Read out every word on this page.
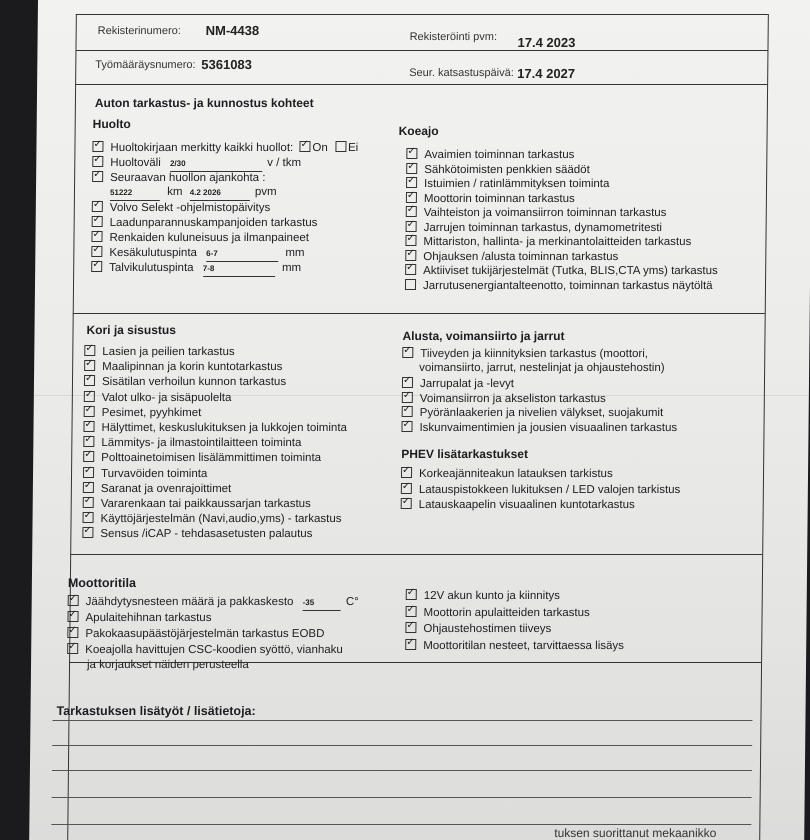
Rekisterinumero: NM-4438	Rekisteröinti pvm: 17.4 2023
Työmääräysnumero: 5361083
Seur. katsastuspäivä: 17.4 2027
Auton tarkastus- ja kunnostus kohteet
Huolto
✓Huoltokirjaan merkitty kaikki huollot: ✓ On Ei
✓Huoltoväli 2/30	v / tkm
✓Seuraavan huollon ajankohta :
51222	km 4.2 2026	pvm
✓Volvo Selekt -ohjelmistopäivitys
✓Laadunparannuskampanjoiden tarkastus
✓Renkaiden kuluneisuus ja ilmanpaineet
✓Kesäkulutuspinta 6-7	mm
✓Talvikulutuspinta 7-8	mm
Koeajo
✓Avaimien toiminnan tarkastus
✓Sähkötoimisten penkkien säädöt
✓Istuimien / ratinlämmityksen toiminta
✓Moottorin toiminnan tarkastus
✓Vaihteiston ja voimansiirron toiminnan tarkastus
✓Jarrujen toiminnan tarkastus, dynamometritesti
✓Mittariston, hallinta- ja merkinantolaitteiden tarkastus
✓Ohjauksen /alusta toiminnan tarkastus
✓Aktiiviset tukijärjestelmät (Tutka, BLIS,CTA yms) tarkastus
Jarrutusenergiantalteenotto, toiminnan tarkastus näytöltä
Kori ja sisustus
✓Lasien ja peilien tarkastus
✓Maalipinnan ja korin kuntotarkastus
✓Sisätilan verhoilun kunnon tarkastus
✓Valot ulko- ja sisäpuolelta
✓Pesimet, pyyhkimet
✓Hälyttimet, keskuslukituksen ja lukkojen toiminta
✓Lämmitys- ja ilmastointilaitteen toiminta
✓Polttoainetoimisen lisälämmittimen toiminta
✓Turvavöiden toiminta
✓Saranat ja ovenrajoittimet
✓Vararenkaan tai paikkaussarjan tarkastus
✓Käyttöjärjestelmän (Navi,audio,yms) - tarkastus
✓Sensus /iCAP - tehdasasetusten palautus
Alusta, voimansiirto ja jarrut
✓Tiiveyden ja kiinnityksien tarkastus (moottori,
voimansiirto, jarrut, nestelinjat ja ohjaustehostin)
✓Jarrupalat ja -levyt
✓Voimansiirron ja akseliston tarkastus
✓Pyöränlaakerien ja nivelien välykset, suojakumit
✓Iskunvaimentimien ja jousien visuaalinen tarkastus
PHEV lisätarkastukset
✓Korkeajänniteakun latauksen tarkistus
✓Latauspistokkeen lukituksen / LED valojen tarkistus
✓Latauskaapelin visuaalinen kuntotarkastus
Moottoritila
✓Jäähdytysnesteen määrä ja pakkaskesto -35	C°
✓Apulaitehihnan tarkastus
✓Pakokaasupäästöjärjestelmän tarkastus EOBD
✓Koeajolla havittujen CSC-koodien syöttö, vianhaku
ja korjaukset näiden perusteella
✓12V akun kunto ja kiinnitys
✓Moottorin apulaitteiden tarkastus
✓Ohjaustehostimen tiiveys
✓Moottoritilan nesteet, tarvittaessa lisäys
Tarkastuksen lisätyöt / lisätietoja:
tuksen suorittanut mekaanikko
